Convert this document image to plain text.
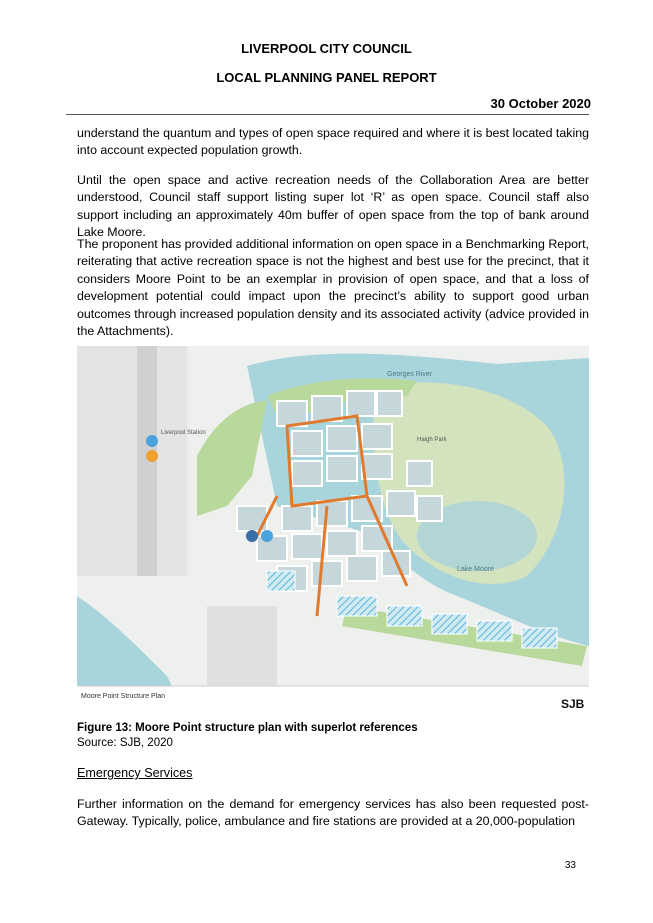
LIVERPOOL CITY COUNCIL
LOCAL PLANNING PANEL REPORT
30 October 2020
understand the quantum and types of open space required and where it is best located taking into account expected population growth.
Until the open space and active recreation needs of the Collaboration Area are better understood, Council staff support listing super lot ‘R’ as open space. Council staff also support including an approximately 40m buffer of open space from the top of bank around Lake Moore.
The proponent has provided additional information on open space in a Benchmarking Report, reiterating that active recreation space is not the highest and best use for the precinct, that it considers Moore Point to be an exemplar in provision of open space, and that a loss of development potential could impact upon the precinct’s ability to support good urban outcomes through increased population density and its associated activity (advice provided in the Attachments).
Georges River
Lake Moore
Haigh Park
Liverpool Station
Moore Point Structure Plan
SJB
Figure 13: Moore Point structure plan with superlot references
Source: SJB, 2020
Emergency Services
Further information on the demand for emergency services has also been requested post-Gateway. Typically, police, ambulance and fire stations are provided at a 20,000-population
33
